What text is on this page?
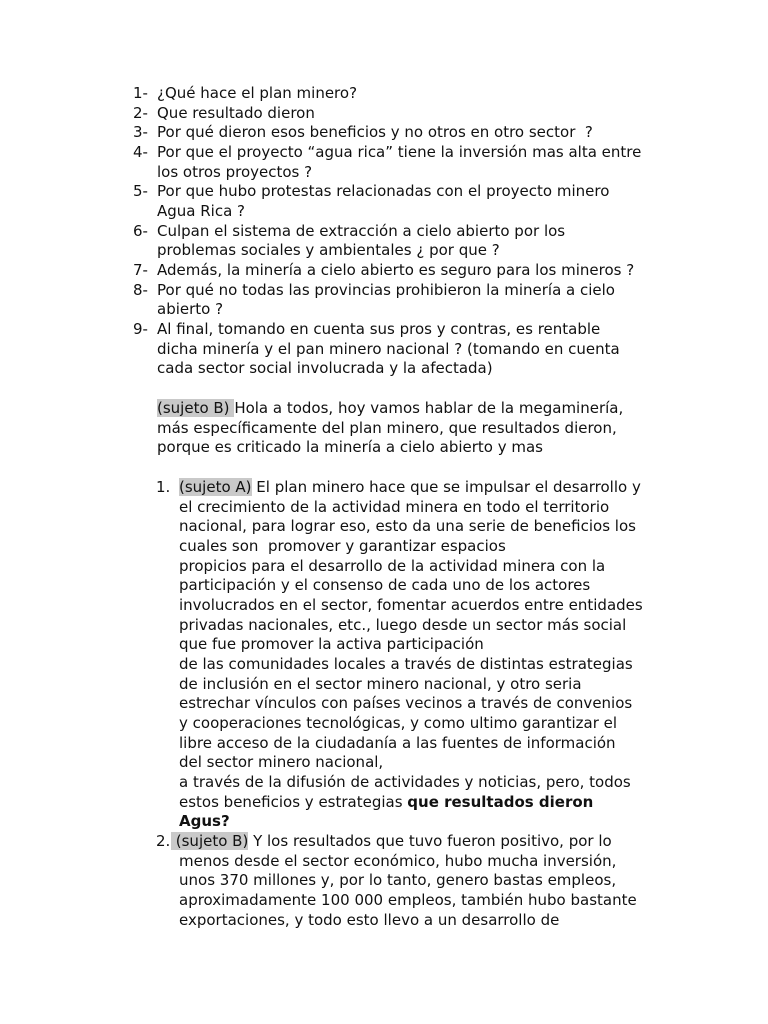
1- ¿Qué hace el plan minero?
2- Que resultado dieron
3- Por qué dieron esos beneficios y no otros en otro sector  ?
4- Por que el proyecto “agua rica” tiene la inversión mas alta entre
los otros proyectos ?
5- Por que hubo protestas relacionadas con el proyecto minero
Agua Rica ?
6- Culpan el sistema de extracción a cielo abierto por los
problemas sociales y ambientales ¿ por que ?
7- Además, la minería a cielo abierto es seguro para los mineros ?
8- Por qué no todas las provincias prohibieron la minería a cielo
abierto ?
9- Al final, tomando en cuenta sus pros y contras, es rentable
dicha minería y el pan minero nacional ? (tomando en cuenta
cada sector social involucrada y la afectada)
(sujeto B) Hola a todos, hoy vamos hablar de la megaminería,
más específicamente del plan minero, que resultados dieron,
porque es criticado la minería a cielo abierto y mas
1. (sujeto A) El plan minero hace que se impulsar el desarrollo y
el crecimiento de la actividad minera en todo el territorio
nacional, para lograr eso, esto da una serie de beneficios los
cuales son  promover y garantizar espacios
propicios para el desarrollo de la actividad minera con la
participación y el consenso de cada uno de los actores
involucrados en el sector, fomentar acuerdos entre entidades
privadas nacionales, etc., luego desde un sector más social
que fue promover la activa participación
de las comunidades locales a través de distintas estrategias
de inclusión en el sector minero nacional, y otro seria
estrechar vínculos con países vecinos a través de convenios
y cooperaciones tecnológicas, y como ultimo garantizar el
libre acceso de la ciudadanía a las fuentes de información
del sector minero nacional,
a través de la difusión de actividades y noticias, pero, todos
estos beneficios y estrategias que resultados dieron
Agus?
2. (sujeto B) Y los resultados que tuvo fueron positivo, por lo
menos desde el sector económico, hubo mucha inversión,
unos 370 millones y, por lo tanto, genero bastas empleos,
aproximadamente 100 000 empleos, también hubo bastante
exportaciones, y todo esto llevo a un desarrollo de
